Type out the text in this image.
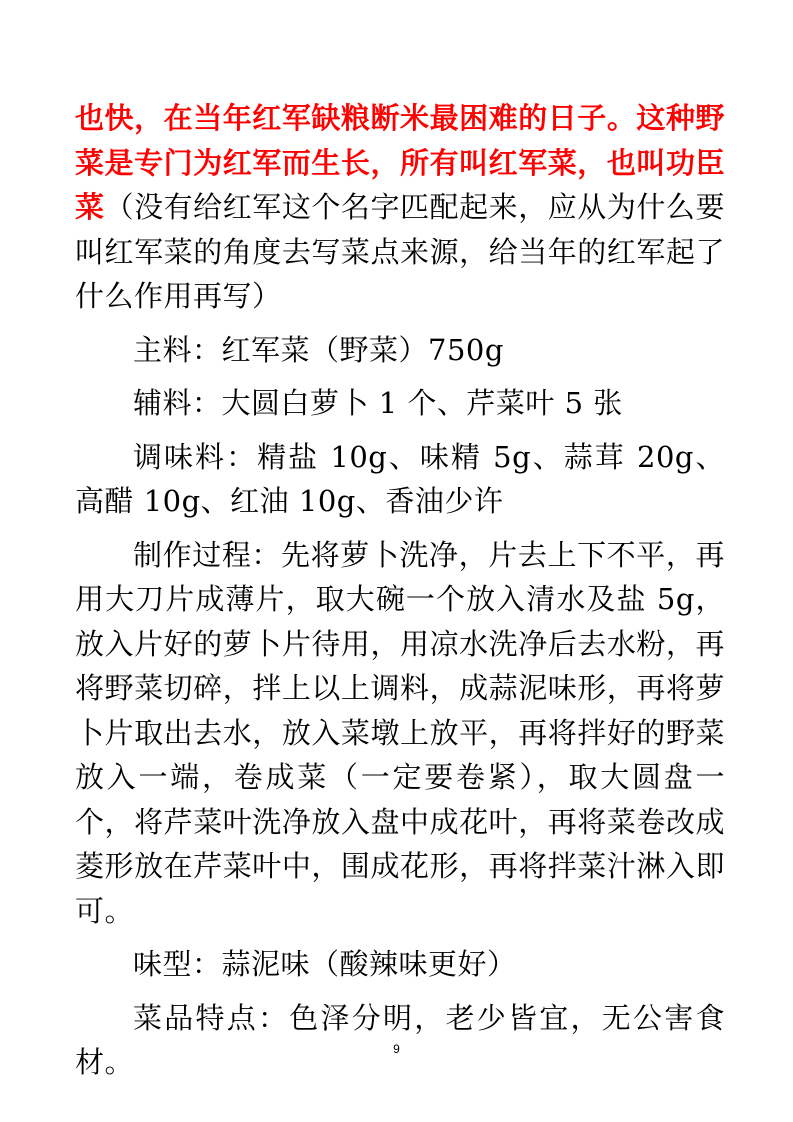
也快，在当年红军缺粮断米最困难的日子。这种野菜是专门为红军而生长，所有叫红军菜，也叫功臣菜（没有给红军这个名字匹配起来，应从为什么要叫红军菜的角度去写菜点来源，给当年的红军起了什么作用再写）

主料：红军菜（野菜）750g

辅料：大圆白萝卜 1 个、芹菜叶 5 张

调味料：精盐 10g、味精 5g、蒜茸 20g、高醋 10g、红油 10g、香油少许

制作过程：先将萝卜洗净，片去上下不平，再用大刀片成薄片，取大碗一个放入清水及盐 5g，放入片好的萝卜片待用，用凉水洗净后去水粉，再将野菜切碎，拌上以上调料，成蒜泥味形，再将萝卜片取出去水，放入菜墩上放平，再将拌好的野菜放入一端，卷成菜（一定要卷紧），取大圆盘一个，将芹菜叶洗净放入盘中成花叶，再将菜卷改成菱形放在芹菜叶中，围成花形，再将拌菜汁淋入即可。

味型：蒜泥味（酸辣味更好）

菜品特点：色泽分明，老少皆宜，无公害食材。	9
